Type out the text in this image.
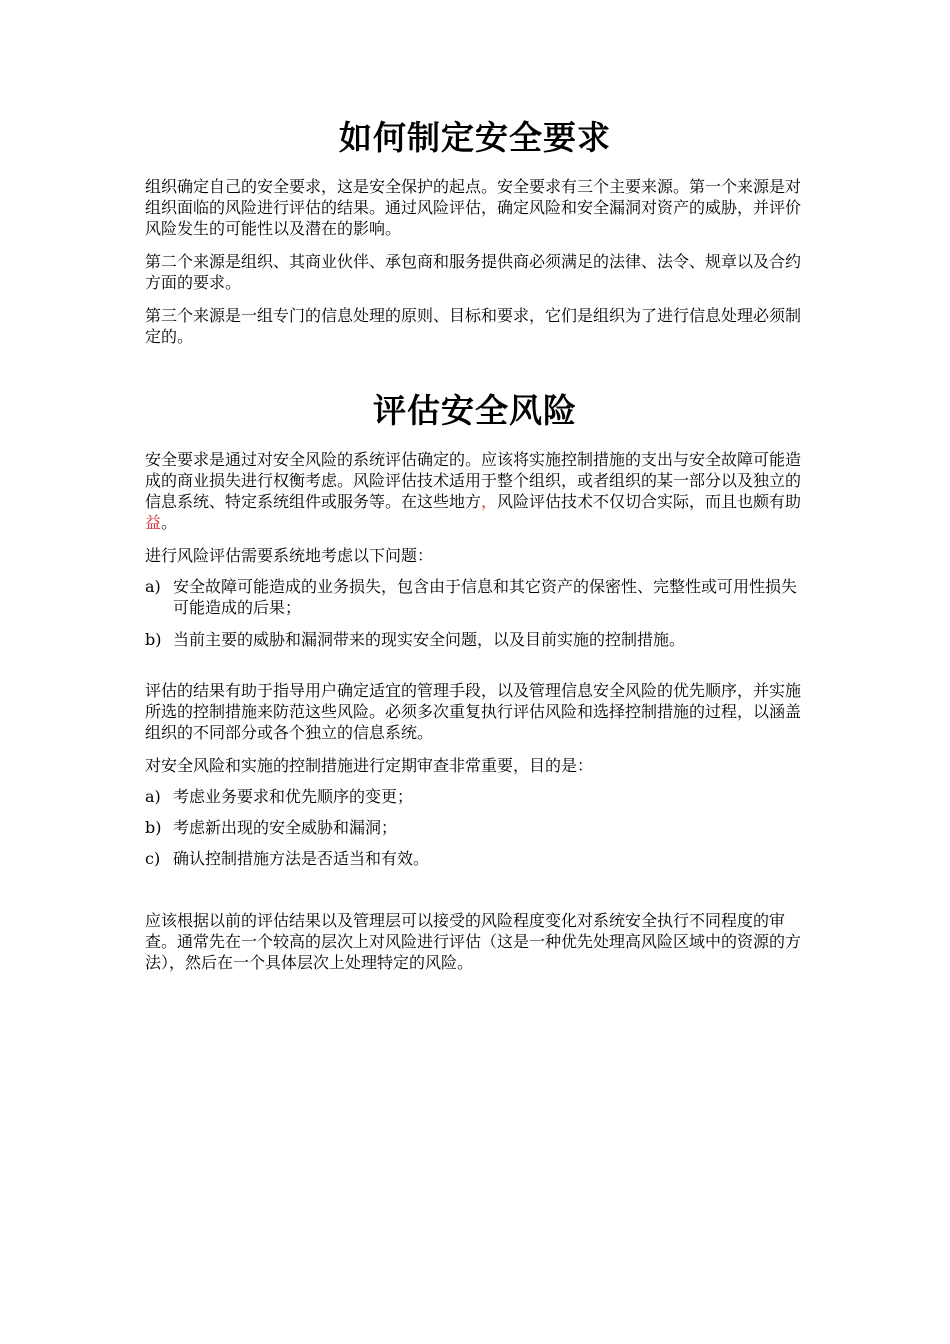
如何制定安全要求

组织确定自己的安全要求，这是安全保护的起点。安全要求有三个主要来源。第一个来源是对组织面临的风险进行评估的结果。通过风险评估，确定风险和安全漏洞对资产的威胁，并评价风险发生的可能性以及潜在的影响。

第二个来源是组织、其商业伙伴、承包商和服务提供商必须满足的法律、法令、规章以及合约方面的要求。

第三个来源是一组专门的信息处理的原则、目标和要求，它们是组织为了进行信息处理必须制定的。

评估安全风险

安全要求是通过对安全风险的系统评估确定的。应该将实施控制措施的支出与安全故障可能造成的商业损失进行权衡考虑。风险评估技术适用于整个组织，或者组织的某一部分以及独立的信息系统、特定系统组件或服务等。在这些地方，风险评估技术不仅切合实际，而且也颇有助益。

进行风险评估需要系统地考虑以下问题：

a) 安全故障可能造成的业务损失，包含由于信息和其它资产的保密性、完整性或可用性损失可能造成的后果；
b) 当前主要的威胁和漏洞带来的现实安全问题，以及目前实施的控制措施。

评估的结果有助于指导用户确定适宜的管理手段，以及管理信息安全风险的优先顺序，并实施所选的控制措施来防范这些风险。必须多次重复执行评估风险和选择控制措施的过程，以涵盖组织的不同部分或各个独立的信息系统。

对安全风险和实施的控制措施进行定期审查非常重要，目的是：

a) 考虑业务要求和优先顺序的变更；
b) 考虑新出现的安全威胁和漏洞；
c) 确认控制措施方法是否适当和有效。

应该根据以前的评估结果以及管理层可以接受的风险程度变化对系统安全执行不同程度的审查。通常先在一个较高的层次上对风险进行评估（这是一种优先处理高风险区域中的资源的方法），然后在一个具体层次上处理特定的风险。
